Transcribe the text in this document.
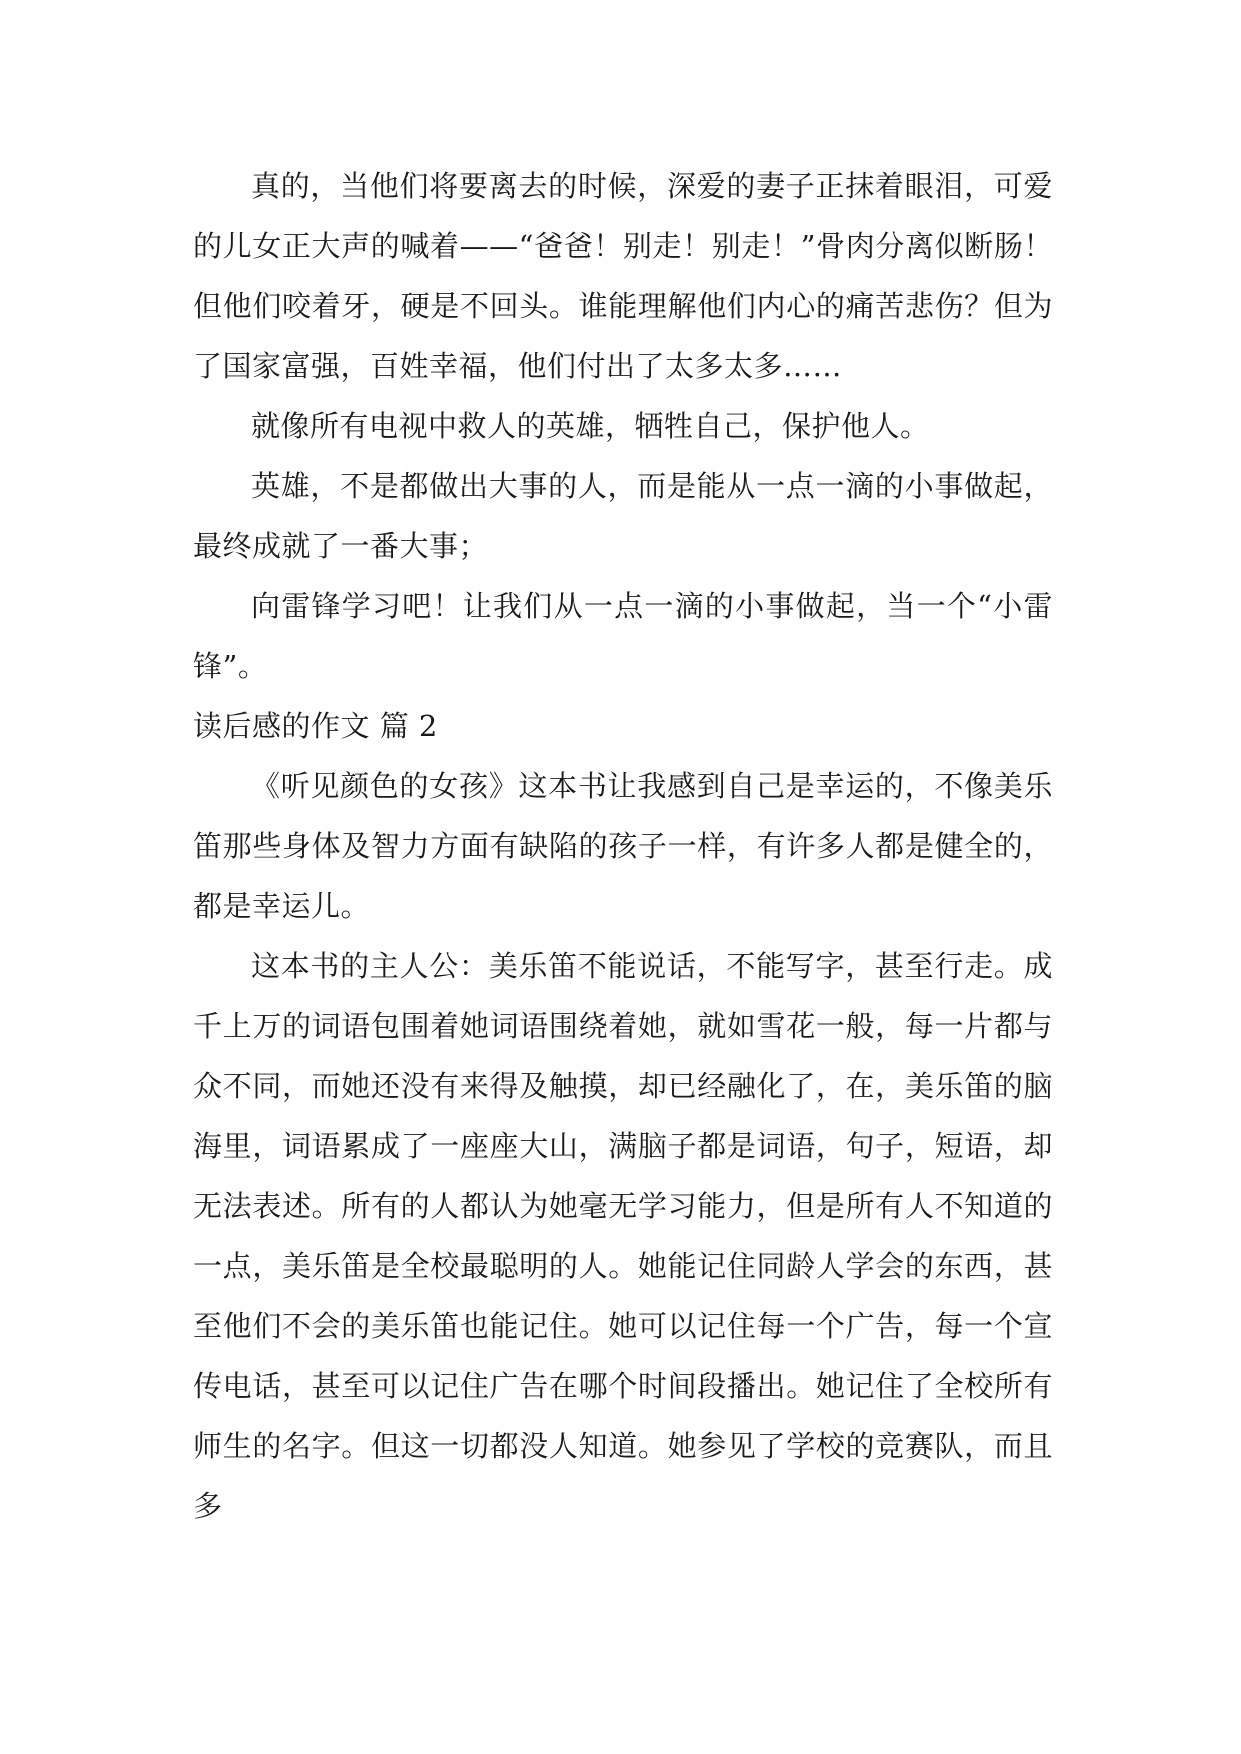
真的，当他们将要离去的时候，深爱的妻子正抹着眼泪，可爱的儿女正大声的喊着——“爸爸！别走！别走！”骨肉分离似断肠！但他们咬着牙，硬是不回头。谁能理解他们内心的痛苦悲伤？但为了国家富强，百姓幸福，他们付出了太多太多……

就像所有电视中救人的英雄，牺牲自己，保护他人。

英雄，不是都做出大事的人，而是能从一点一滴的小事做起，最终成就了一番大事；

向雷锋学习吧！让我们从一点一滴的小事做起，当一个“小雷锋”。

读后感的作文 篇 2

《听见颜色的女孩》这本书让我感到自己是幸运的，不像美乐笛那些身体及智力方面有缺陷的孩子一样，有许多人都是健全的，都是幸运儿。

这本书的主人公：美乐笛不能说话，不能写字，甚至行走。成千上万的词语包围着她词语围绕着她，就如雪花一般，每一片都与众不同，而她还没有来得及触摸，却已经融化了，在，美乐笛的脑海里，词语累成了一座座大山，满脑子都是词语，句子，短语，却无法表述。所有的人都认为她毫无学习能力，但是所有人不知道的一点，美乐笛是全校最聪明的人。她能记住同龄人学会的东西，甚至他们不会的美乐笛也能记住。她可以记住每一个广告，每一个宣传电话，甚至可以记住广告在哪个时间段播出。她记住了全校所有师生的名字。但这一切都没人知道。她参见了学校的竞赛队，而且多
